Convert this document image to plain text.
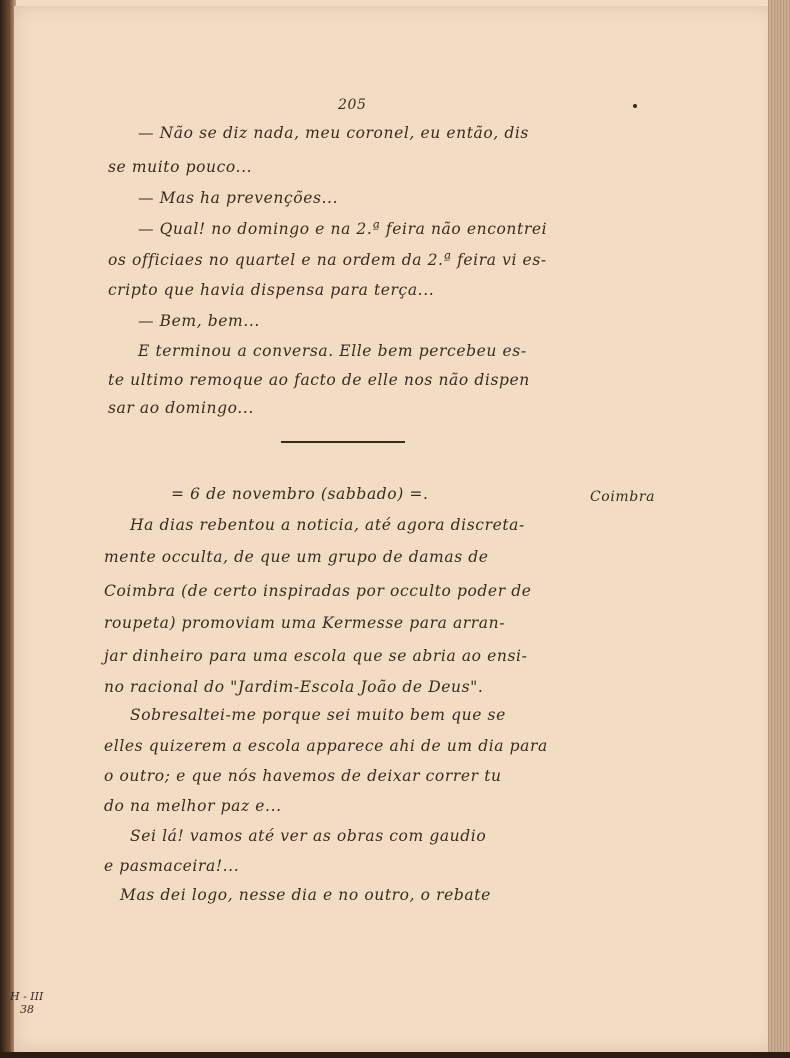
205
— Não se diz nada, meu coronel, eu então, dis
se muito pouco...
— Mas ha prevenções...
— Qual! no domingo e na 2.ª feira não encontrei
os officiaes no quartel e na ordem da 2.ª feira vi es-
cripto que havia dispensa para terça...
— Bem, bem...
E terminou a conversa. Elle bem percebeu es-
te ultimo remoque ao facto de elle nos não dispen
sar ao domingo...
= 6 de novembro (sabbado) =.	Coimbra
Ha dias rebentou a noticia, até agora discreta-
mente occulta, de que um grupo de damas de
Coimbra (de certo inspiradas por occulto poder de
roupeta) promoviam uma Kermesse para arran-
jar dinheiro para uma escola que se abria ao ensi-
no racional do "Jardim-Escola João de Deus".
Sobresaltei-me porque sei muito bem que se
elles quizerem a escola apparece ahi de um dia para
o outro; e que nós havemos de deixar correr tu
do na melhor paz e...
Sei lá! vamos até ver as obras com gaudio
e pasmaceira!...
Mas dei logo, nesse dia e no outro, o rebate
H - III
38
